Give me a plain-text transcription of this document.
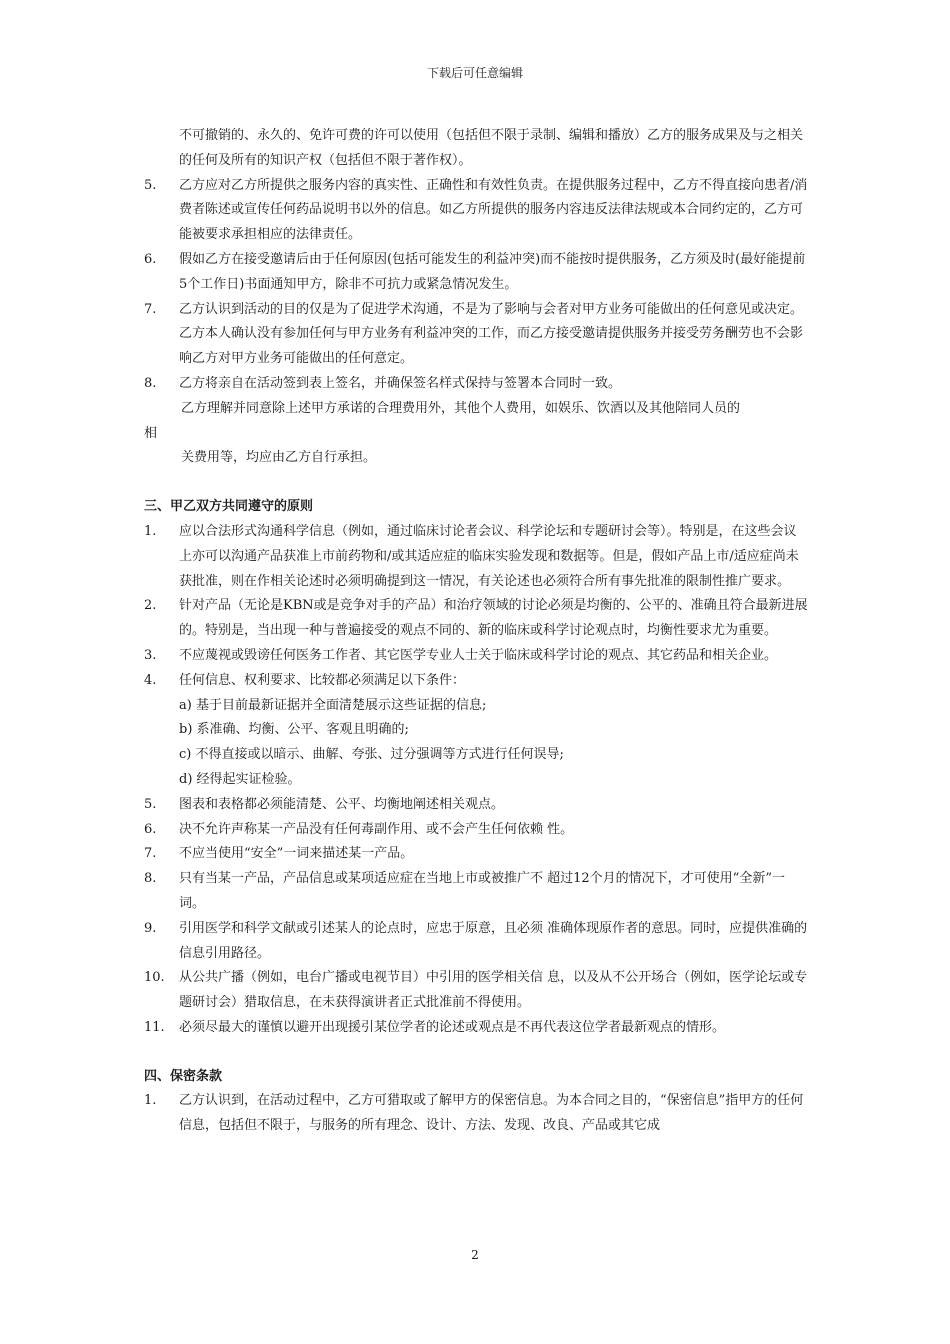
下载后可任意编辑
不可撤销的、永久的、免许可费的许可以使用（包括但不限于录制、编辑和播放）乙方的服务成果及与之相关的任何及所有的知识产权（包括但不限于著作权）。
5.	乙方应对乙方所提供之服务内容的真实性、正确性和有效性负责。在提供服务过程中，乙方不得直接向患者/消费者陈述或宣传任何药品说明书以外的信息。如乙方所提供的服务内容违反法律法规或本合同约定的，乙方可能被要求承担相应的法律责任。
6.	假如乙方在接受邀请后由于任何原因(包括可能发生的利益冲突)而不能按时提供服务，乙方须及时(最好能提前5个工作日)书面通知甲方，除非不可抗力或紧急情况发生。
7.	乙方认识到活动的目的仅是为了促进学术沟通，不是为了影响与会者对甲方业务可能做出的任何意见或决定。乙方本人确认没有参加任何与甲方业务有利益冲突的工作，而乙方接受邀请提供服务并接受劳务酬劳也不会影响乙方对甲方业务可能做出的任何意定。
8.	乙方将亲自在活动签到表上签名，并确保签名样式保持与签署本合同时一致。
乙方理解并同意除上述甲方承诺的合理费用外，其他个人费用，如娱乐、饮酒以及其他陪同人员的
相
关费用等，均应由乙方自行承担。
三、甲乙双方共同遵守的原则
1.	应以合法形式沟通科学信息（例如，通过临床讨论者会议、科学论坛和专题研讨会等）。特别是，在这些会议上亦可以沟通产品获准上市前药物和/或其适应症的临床实验发现和数据等。但是，假如产品上市/适应症尚未获批准，则在作相关论述时必须明确提到这一情况，有关论述也必须符合所有事先批准的限制性推广要求。
2.	针对产品（无论是KBN或是竞争对手的产品）和治疗领域的讨论必须是均衡的、公平的、准确且符合最新进展的。特别是，当出现一种与普遍接受的观点不同的、新的临床或科学讨论观点时，均衡性要求尤为重要。
3.	不应蔑视或毁谤任何医务工作者、其它医学专业人士关于临床或科学讨论的观点、其它药品和相关企业。
4.	任何信息、权利要求、比较都必须满足以下条件：
a) 基于目前最新证据并全面清楚展示这些证据的信息;
b) 系准确、均衡、公平、客观且明确的;
c) 不得直接或以暗示、曲解、夸张、过分强调等方式进行任何误导;
d) 经得起实证检验。
5.	图表和表格都必须能清楚、公平、均衡地阐述相关观点。
6.	决不允许声称某一产品没有任何毒副作用、或不会产生任何依赖 性。
7.	不应当使用“安全”一词来描述某一产品。
8.	只有当某一产品，产品信息或某项适应症在当地上市或被推广不 超过12个月的情况下，才可使用“全新”一词。
9.	引用医学和科学文献或引述某人的论点时，应忠于原意，且必须 准确体现原作者的意思。同时，应提供准确的信息引用路径。
10.	从公共广播（例如，电台广播或电视节目）中引用的医学相关信 息，以及从不公开场合（例如，医学论坛或专题研讨会）猎取信息，在未获得演讲者正式批准前不得使用。
11.	必须尽最大的谨慎以避开出现援引某位学者的论述或观点是不再代表这位学者最新观点的情形。
四、保密条款
1.	乙方认识到，在活动过程中，乙方可猎取或了解甲方的保密信息。为本合同之目的，“保密信息”指甲方的任何信息，包括但不限于，与服务的所有理念、设计、方法、发现、改良、产品或其它成
2
